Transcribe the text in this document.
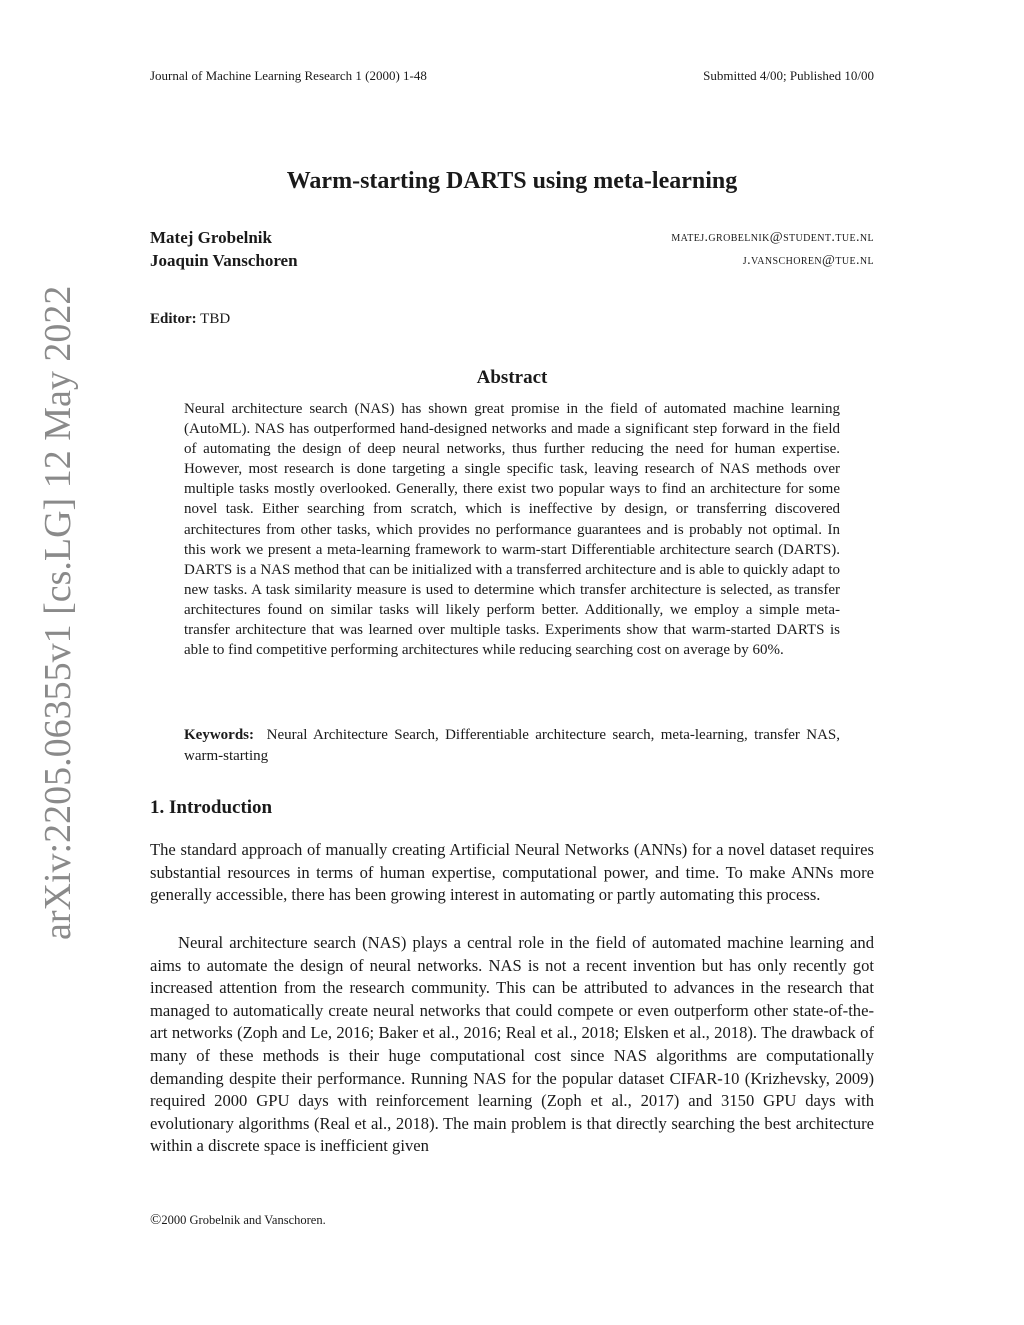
Journal of Machine Learning Research 1 (2000) 1-48	Submitted 4/00; Published 10/00
arXiv:2205.06355v1 [cs.LG] 12 May 2022
Warm-starting DARTS using meta-learning
Matej Grobelnik	matej.grobelnik@student.tue.nl
Joaquin Vanschoren	j.vanschoren@tue.nl
Editor: TBD
Abstract

Neural architecture search (NAS) has shown great promise in the field of automated machine learning (AutoML). NAS has outperformed hand-designed networks and made a significant step forward in the field of automating the design of deep neural networks, thus further reducing the need for human expertise. However, most research is done targeting a single specific task, leaving research of NAS methods over multiple tasks mostly overlooked. Generally, there exist two popular ways to find an architecture for some novel task. Either searching from scratch, which is ineffective by design, or transferring discovered architectures from other tasks, which provides no performance guarantees and is probably not optimal. In this work we present a meta-learning framework to warm-start Differentiable architecture search (DARTS). DARTS is a NAS method that can be initialized with a transferred architecture and is able to quickly adapt to new tasks. A task similarity measure is used to determine which transfer architecture is selected, as transfer architectures found on similar tasks will likely perform better. Additionally, we employ a simple meta-transfer architecture that was learned over multiple tasks. Experiments show that warm-started DARTS is able to find competitive performing architectures while reducing searching cost on average by 60%.

Keywords: Neural Architecture Search, Differentiable architecture search, meta-learning, transfer NAS, warm-starting

1. Introduction

The standard approach of manually creating Artificial Neural Networks (ANNs) for a novel dataset requires substantial resources in terms of human expertise, computational power, and time. To make ANNs more generally accessible, there has been growing interest in automating or partly automating this process.

Neural architecture search (NAS) plays a central role in the field of automated machine learning and aims to automate the design of neural networks. NAS is not a recent invention but has only recently got increased attention from the research community. This can be attributed to advances in the research that managed to automatically create neural networks that could compete or even outperform other state-of-the-art networks (Zoph and Le, 2016; Baker et al., 2016; Real et al., 2018; Elsken et al., 2018). The drawback of many of these methods is their huge computational cost since NAS algorithms are computationally demanding despite their performance. Running NAS for the popular dataset CIFAR-10 (Krizhevsky, 2009) required 2000 GPU days with reinforcement learning (Zoph et al., 2017) and 3150 GPU days with evolutionary algorithms (Real et al., 2018). The main problem is that directly searching the best architecture within a discrete space is inefficient given

©2000 Grobelnik and Vanschoren.
